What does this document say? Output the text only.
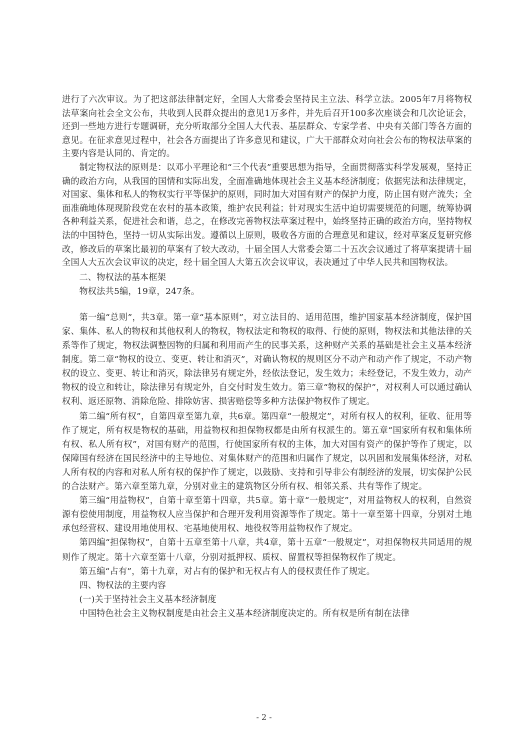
进行了六次审议。为了把这部法律制定好，全国人大常委会坚持民主立法、科学立法。2005年7月将物权法草案向社会全文公布，共收到人民群众提出的意见1万多件，并先后召开100多次座谈会和几次论证会，还到一些地方进行专题调研，充分听取部分全国人大代表、基层群众、专家学者、中央有关部门等各方面的意见。在征求意见过程中，社会各方面提出了许多意见和建议，广大干部群众对向社会公布的物权法草案的主要内容是认同的、肯定的。

制定物权法的原则是：以邓小平理论和“三个代表”重要思想为指导，全面贯彻落实科学发展观，坚持正确的政治方向，从我国的国情和实际出发，全面准确地体现社会主义基本经济制度；依据宪法和法律规定，对国家、集体和私人的物权实行平等保护的原则，同时加大对国有财产的保护力度，防止国有财产流失；全面准确地体现现阶段党在农村的基本政策，维护农民利益；针对现实生活中迫切需要规范的问题，统筹协调各种利益关系，促进社会和谐，总之，在修改完善物权法草案过程中，始终坚持正确的政治方向，坚持物权法的中国特色，坚持一切从实际出发。遵循以上原则，吸收各方面的合理意见和建议，经对草案反复研究修改，修改后的草案比最初的草案有了较大改动，十届全国人大常委会第二十五次会议通过了将草案提请十届全国人大五次会议审议的决定，经十届全国人大第五次会议审议，表决通过了中华人民共和国物权法。

二、物权法的基本框架

物权法共5编，19章，247条。

第一编“总则”，共3章。第一章“基本原则”，对立法目的、适用范围，维护国家基本经济制度，保护国家、集体、私人的物权和其他权利人的物权，物权法定和物权的取得、行使的原则，物权法和其他法律的关系等作了规定，物权法调整因物的归属和利用而产生的民事关系，这种财产关系的基础是社会主义基本经济制度。第二章“物权的设立、变更、转让和消灭”，对确认物权的规则区分不动产和动产作了规定，不动产物权的设立、变更、转让和消灭，除法律另有规定外，经依法登记，发生效力；未经登记，不发生效力，动产物权的设立和转让，除法律另有规定外，自交付时发生效力。第三章“物权的保护”，对权利人可以通过确认权利、返还原物、消除危险、排除妨害、损害赔偿等多种方法保护物权作了规定。

第二编“所有权”，自第四章至第九章，共6章。第四章“一般规定”，对所有权人的权利，征收、征用等作了规定，所有权是物权的基础，用益物权和担保物权都是由所有权派生的。第五章“国家所有权和集体所有权、私人所有权”，对国有财产的范围，行使国家所有权的主体，加大对国有资产的保护等作了规定，以保障国有经济在国民经济中的主导地位、对集体财产的范围和归属作了规定，以巩固和发展集体经济，对私人所有权的内容和对私人所有权的保护作了规定，以鼓励、支持和引导非公有制经济的发展，切实保护公民的合法财产。第六章至第九章，分别对业主的建筑物区分所有权、相邻关系、共有等作了规定。

第三编“用益物权”，自第十章至第十四章，共5章。第十章“一般规定”，对用益物权人的权利，自然资源有偿使用制度，用益物权人应当保护和合理开发利用资源等作了规定。第十一章至第十四章，分别对土地承包经营权、建设用地使用权、宅基地使用权、地役权等用益物权作了规定。

第四编“担保物权”，自第十五章至第十八章，共4章，第十五章“一般规定”，对担保物权共同适用的规则作了规定。第十六章至第十八章，分别对抵押权、质权、留置权等担保物权作了规定。

第五编“占有”，第十九章，对占有的保护和无权占有人的侵权责任作了规定。

四、物权法的主要内容

(一)关于坚持社会主义基本经济制度

中国特色社会主义物权制度是由社会主义基本经济制度决定的。所有权是所有制在法律

- 2 -
